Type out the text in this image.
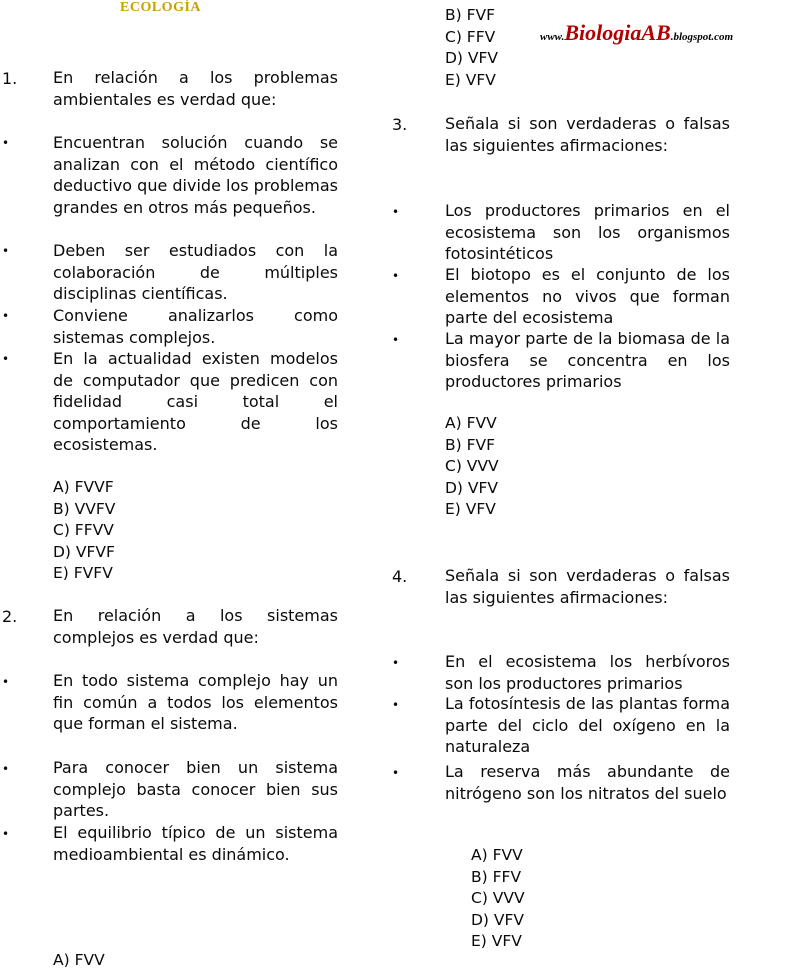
ECOLOGÍA
www.BiologiaAB.blogspot.com
1. En relación a los problemas ambientales es verdad que:
•	Encuentran solución cuando se analizan con el método científico deductivo que divide los problemas grandes en otros más pequeños.
•	Deben ser estudiados con la colaboración de múltiples disciplinas científicas.
•	Conviene analizarlos como sistemas complejos.
•	En la actualidad existen modelos de computador que predicen con fidelidad casi total el comportamiento de los ecosistemas.
A) FVVF
B) VVFV
C) FFVV
D) VFVF
E) FVFV
2. En relación a los sistemas complejos es verdad que:
•	En todo sistema complejo hay un fin común a todos los elementos que forman el sistema.
•	Para conocer bien un sistema complejo basta conocer bien sus partes.
•	El equilibrio típico de un sistema medioambiental es dinámico.
A) FVV
B) FVF
C) FFV
D) VFV
E) VFV
3. Señala si son verdaderas o falsas las siguientes afirmaciones:
•	Los productores primarios en el ecosistema son los organismos fotosintéticos
•	El biotopo es el conjunto de los elementos no vivos que forman parte del ecosistema
•	La mayor parte de la biomasa de la biosfera se concentra en los productores primarios
A) FVV
B) FVF
C) VVV
D) VFV
E) VFV
4. Señala si son verdaderas o falsas las siguientes afirmaciones:
•	En el ecosistema los herbívoros son los productores primarios
•	La fotosíntesis de las plantas forma parte del ciclo del oxígeno en la naturaleza
•	La reserva más abundante de nitrógeno son los nitratos del suelo
A) FVV
B) FFV
C) VVV
D) VFV
E) VFV
